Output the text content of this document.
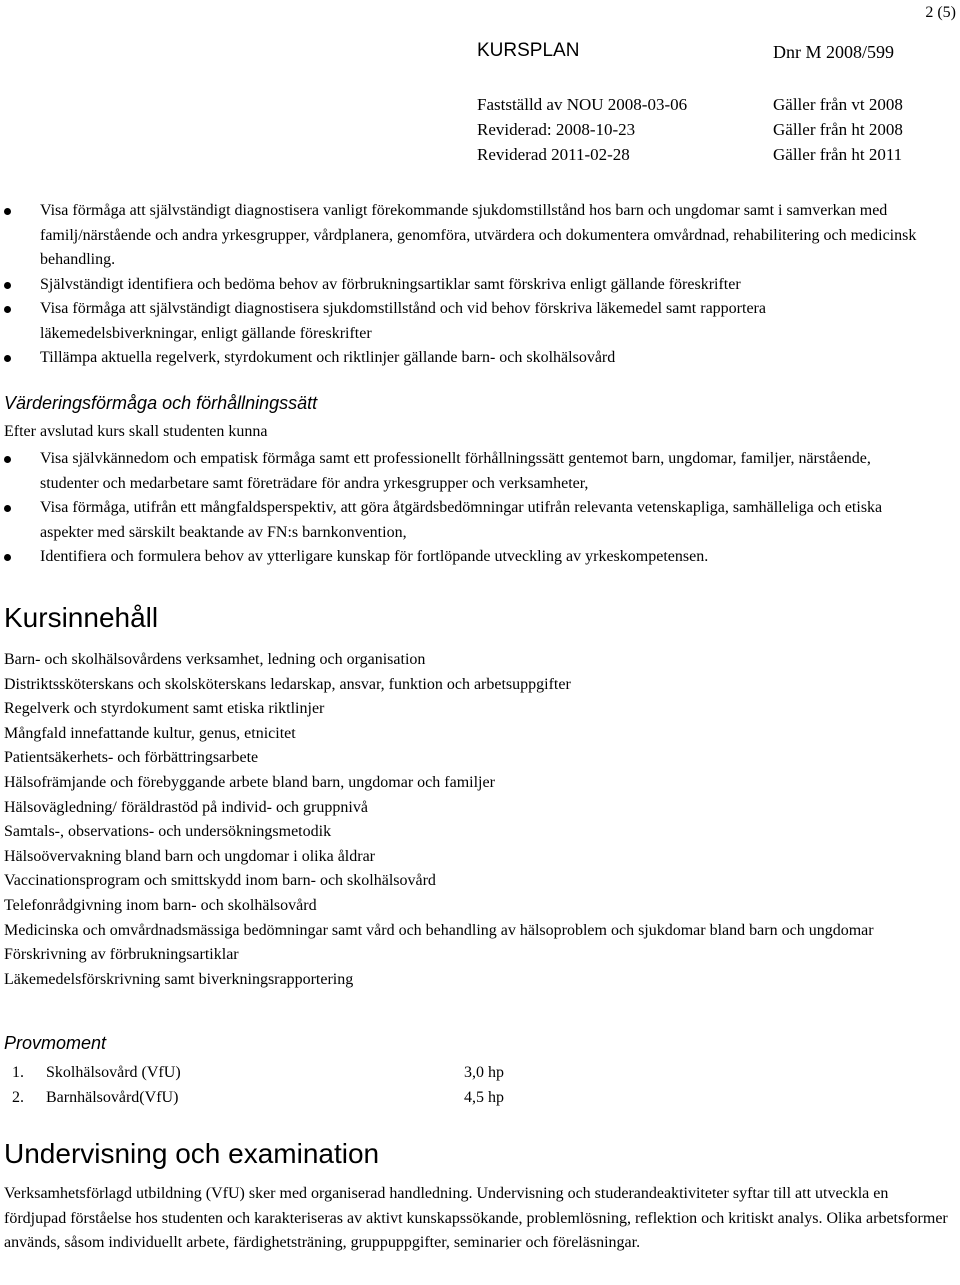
2 (5)
KURSPLAN	Dnr M 2008/599
Fastställd av NOU 2008-03-06	Gäller från vt 2008
Reviderad: 2008-10-23	Gäller från ht 2008
Reviderad 2011-02-28	Gäller från ht 2011
Visa förmåga att självständigt diagnostisera vanligt förekommande sjukdomstillstånd hos barn och ungdomar samt i samverkan med familj/närstående och andra yrkesgrupper, vårdplanera, genomföra, utvärdera och dokumentera omvårdnad, rehabilitering och medicinsk behandling.
Självständigt identifiera och bedöma behov av förbrukningsartiklar samt förskriva enligt gällande föreskrifter
Visa förmåga att självständigt diagnostisera sjukdomstillstånd och vid behov förskriva läkemedel samt rapportera läkemedelsbiverkningar, enligt gällande föreskrifter
Tillämpa aktuella regelverk, styrdokument och riktlinjer gällande barn- och skolhälsovård
Värderingsförmåga och förhållningssätt
Efter avslutad kurs skall studenten kunna
Visa självkännedom och empatisk förmåga samt ett professionellt förhållningssätt gentemot barn, ungdomar, familjer, närstående, studenter och medarbetare samt företrädare för andra yrkesgrupper och verksamheter,
Visa förmåga, utifrån ett mångfaldsperspektiv, att göra åtgärdsbedömningar utifrån relevanta vetenskapliga, samhälleliga och etiska aspekter med särskilt beaktande av FN:s barnkonvention,
Identifiera och formulera behov av ytterligare kunskap för fortlöpande utveckling av yrkeskompetensen.
Kursinnehåll
Barn- och skolhälsovårdens verksamhet, ledning och organisation
Distriktssköterskans och skolsköterskans ledarskap, ansvar, funktion och arbetsuppgifter
Regelverk och styrdokument samt etiska riktlinjer
Mångfald innefattande kultur, genus, etnicitet
Patientsäkerhets- och förbättringsarbete
Hälsofrämjande och förebyggande arbete bland barn, ungdomar och familjer
Hälsovägledning/ föräldrastöd på individ- och gruppnivå
Samtals-, observations- och undersökningsmetodik
Hälsoövervakning bland barn och ungdomar i olika åldrar
Vaccinationsprogram och smittskydd inom barn- och skolhälsovård
Telefonrådgivning inom barn- och skolhälsovård
Medicinska och omvårdnadsmässiga bedömningar samt vård och behandling av hälsoproblem och sjukdomar bland barn och ungdomar
Förskrivning av förbrukningsartiklar
Läkemedelsförskrivning samt biverkningsrapportering
Provmoment
1.	Skolhälsovård (VfU)	3,0 hp
2.	Barnhälsovård(VfU)	4,5 hp
Undervisning och examination

Verksamhetsförlagd utbildning (VfU) sker med organiserad handledning. Undervisning och studerandeaktiviteter syftar till att utveckla en fördjupad förståelse hos studenten och karakteriseras av aktivt kunskapssökande, problemlösning, reflektion och kritiskt analys. Olika arbetsformer används, såsom individuellt arbete, färdighetsträning, gruppuppgifter, seminarier och föreläsningar.
